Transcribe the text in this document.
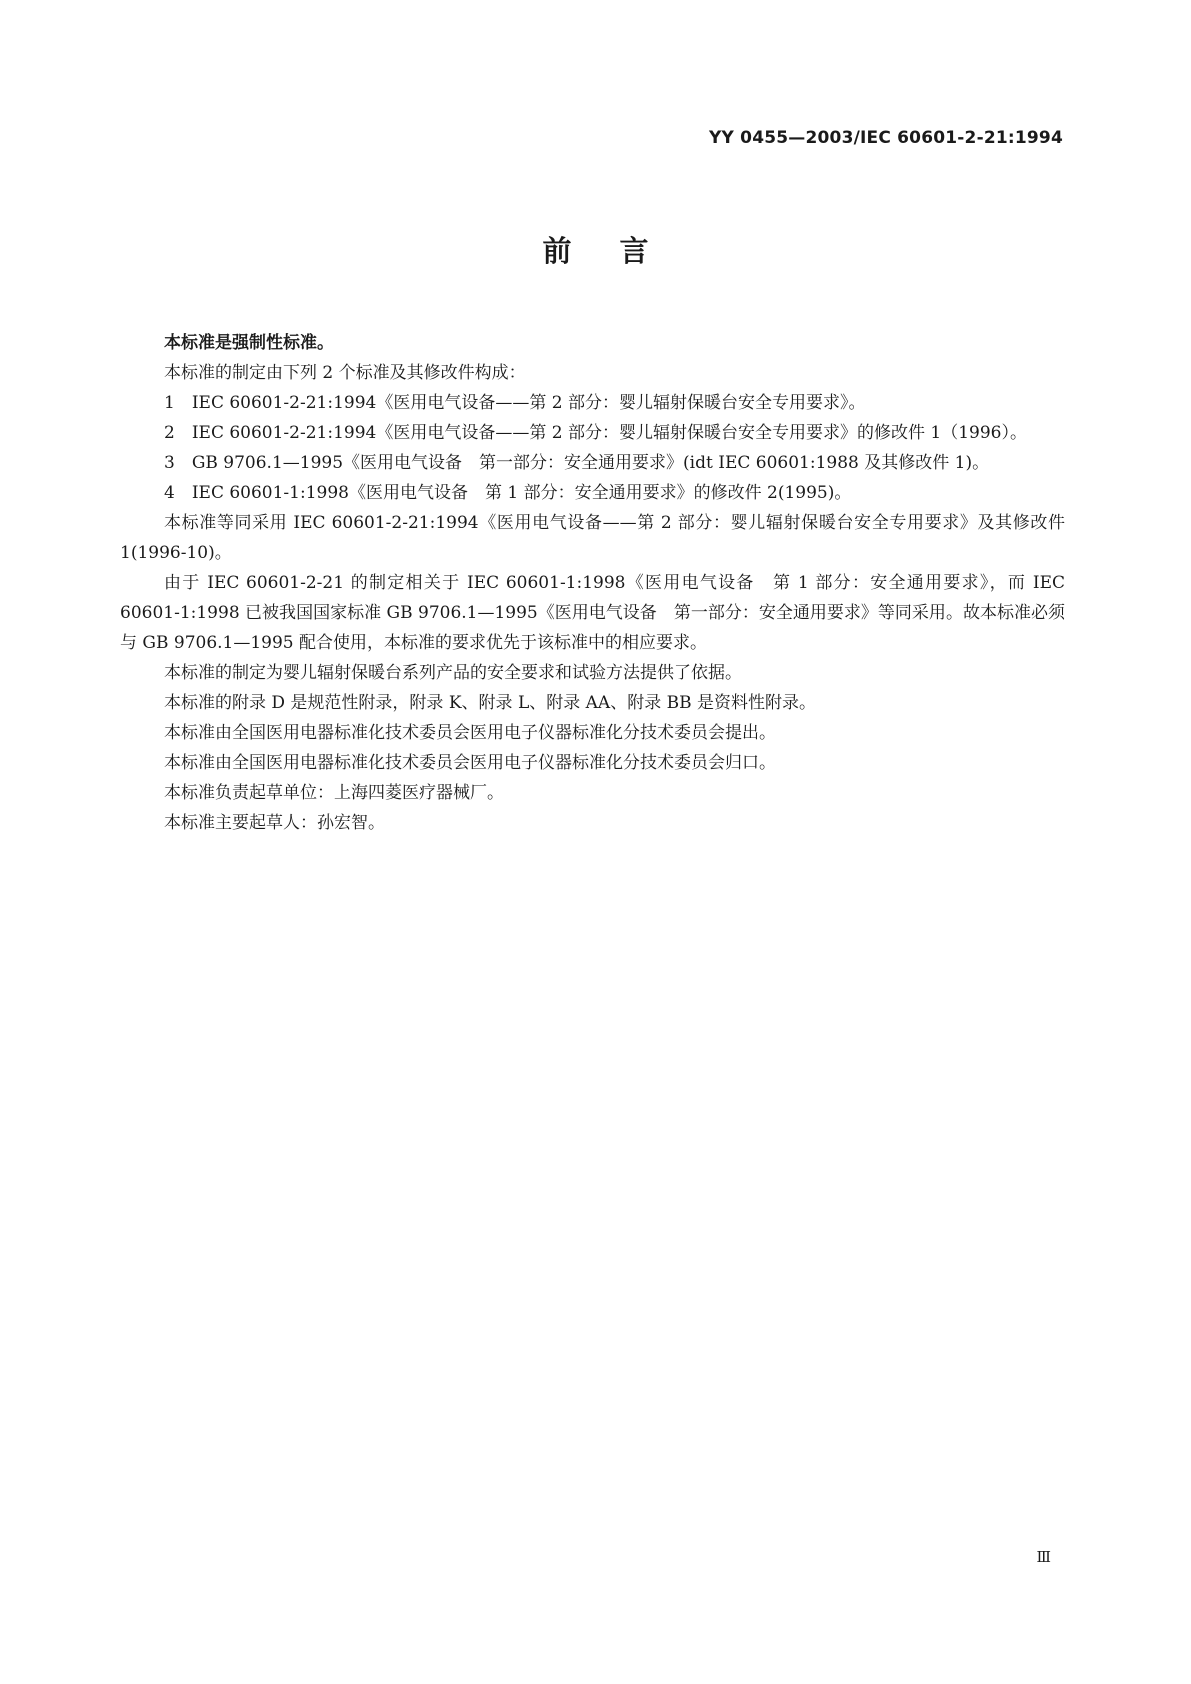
YY 0455—2003/IEC 60601-2-21:1994
前言

本标准是强制性标准。

本标准的制定由下列 2 个标准及其修改件构成：

1　IEC 60601-2-21:1994《医用电气设备——第 2 部分：婴儿辐射保暖台安全专用要求》。

2　IEC 60601-2-21:1994《医用电气设备——第 2 部分：婴儿辐射保暖台安全专用要求》的修改件 1（1996）。

3　GB 9706.1—1995《医用电气设备　第一部分：安全通用要求》(idt IEC 60601:1988 及其修改件 1)。

4　IEC 60601-1:1998《医用电气设备　第 1 部分：安全通用要求》的修改件 2(1995)。

本标准等同采用 IEC 60601-2-21:1994《医用电气设备——第 2 部分：婴儿辐射保暖台安全专用要求》及其修改件 1(1996-10)。

由于 IEC 60601-2-21 的制定相关于 IEC 60601-1:1998《医用电气设备　第 1 部分：安全通用要求》，而 IEC 60601-1:1998 已被我国国家标准 GB 9706.1—1995《医用电气设备　第一部分：安全通用要求》等同采用。故本标准必须与 GB 9706.1—1995 配合使用，本标准的要求优先于该标准中的相应要求。

本标准的制定为婴儿辐射保暖台系列产品的安全要求和试验方法提供了依据。

本标准的附录 D 是规范性附录，附录 K、附录 L、附录 AA、附录 BB 是资料性附录。

本标准由全国医用电器标准化技术委员会医用电子仪器标准化分技术委员会提出。

本标准由全国医用电器标准化技术委员会医用电子仪器标准化分技术委员会归口。

本标准负责起草单位：上海四菱医疗器械厂。

本标准主要起草人：孙宏智。

Ⅲ
